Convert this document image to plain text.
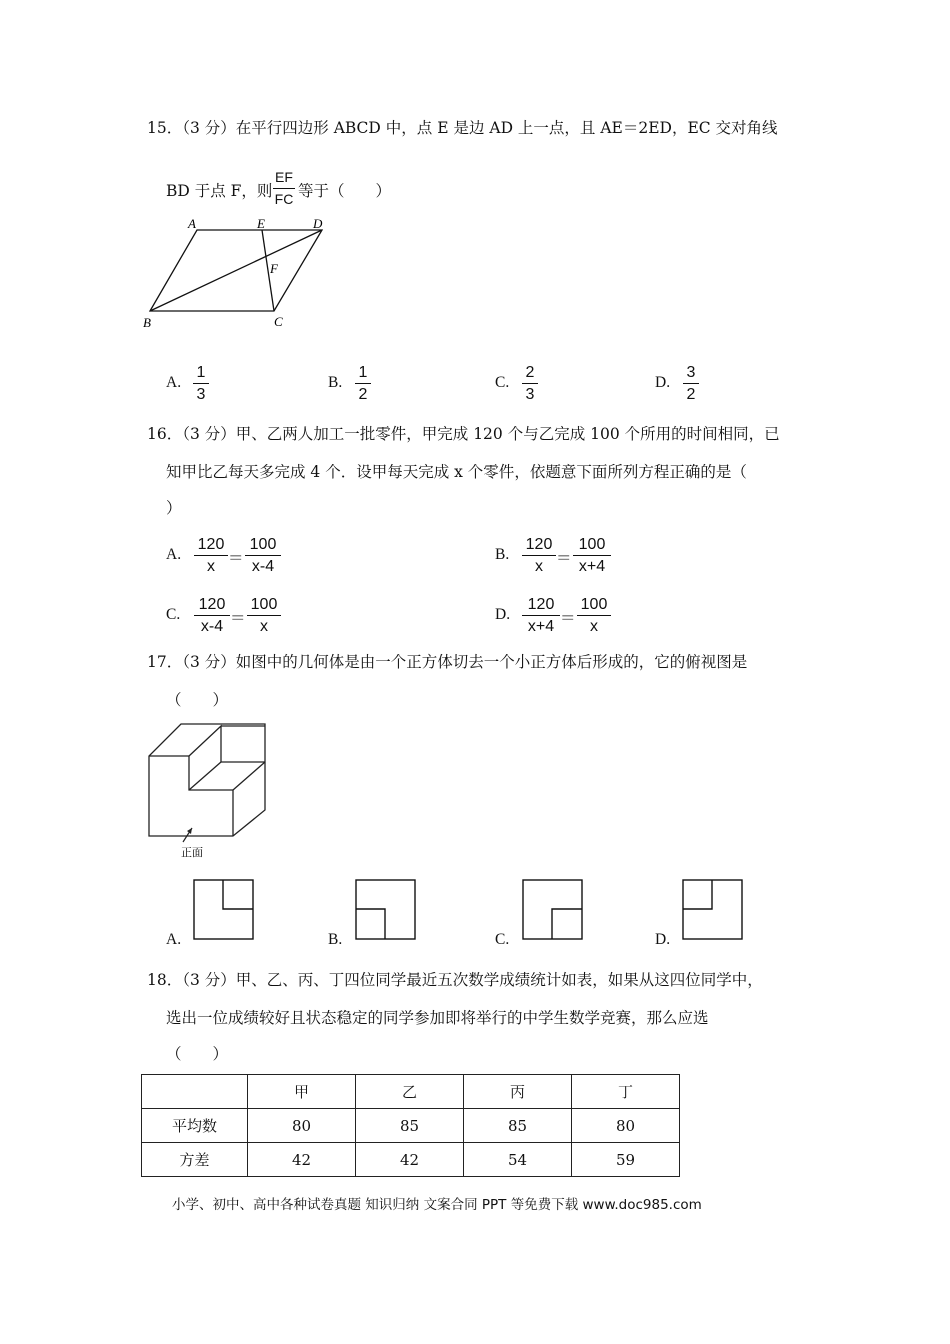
15．（3 分）在平行四边形 ABCD 中，点 E 是边 AD 上一点，且 AE＝2ED，EC 交对角线
BD 于点 F，则
EF
FC 等于（　　）
A	E	D
F
B	C
A.
1
3
B.
1
2
C.
2
3
D.
3
2
16．（3 分）甲、乙两人加工一批零件，甲完成 120 个与乙完成 100 个所用的时间相同，已
知甲比乙每天多完成 4 个．设甲每天完成 x 个零件，依题意下面所列方程正确的是（
）
A.
120
x ＝
100
x-4
B.
120
x ＝
100
x+4
C.
120
x-4 ＝
100
x
D.
120
x+4 ＝
100
x
17．（3 分）如图中的几何体是由一个正方体切去一个小正方体后形成的，它的俯视图是
（　　）
正面
A.	B.	C.	D.
18．（3 分）甲、乙、丙、丁四位同学最近五次数学成绩统计如表，如果从这四位同学中，
选出一位成绩较好且状态稳定的同学参加即将举行的中学生数学竞赛，那么应选
（　　）
	甲	乙	丙	丁
平均数	80	85	85	80
方差	42	42	54	59
小学、初中、高中各种试卷真题 知识归纳 文案合同 PPT 等免费下载 www.doc985.com
